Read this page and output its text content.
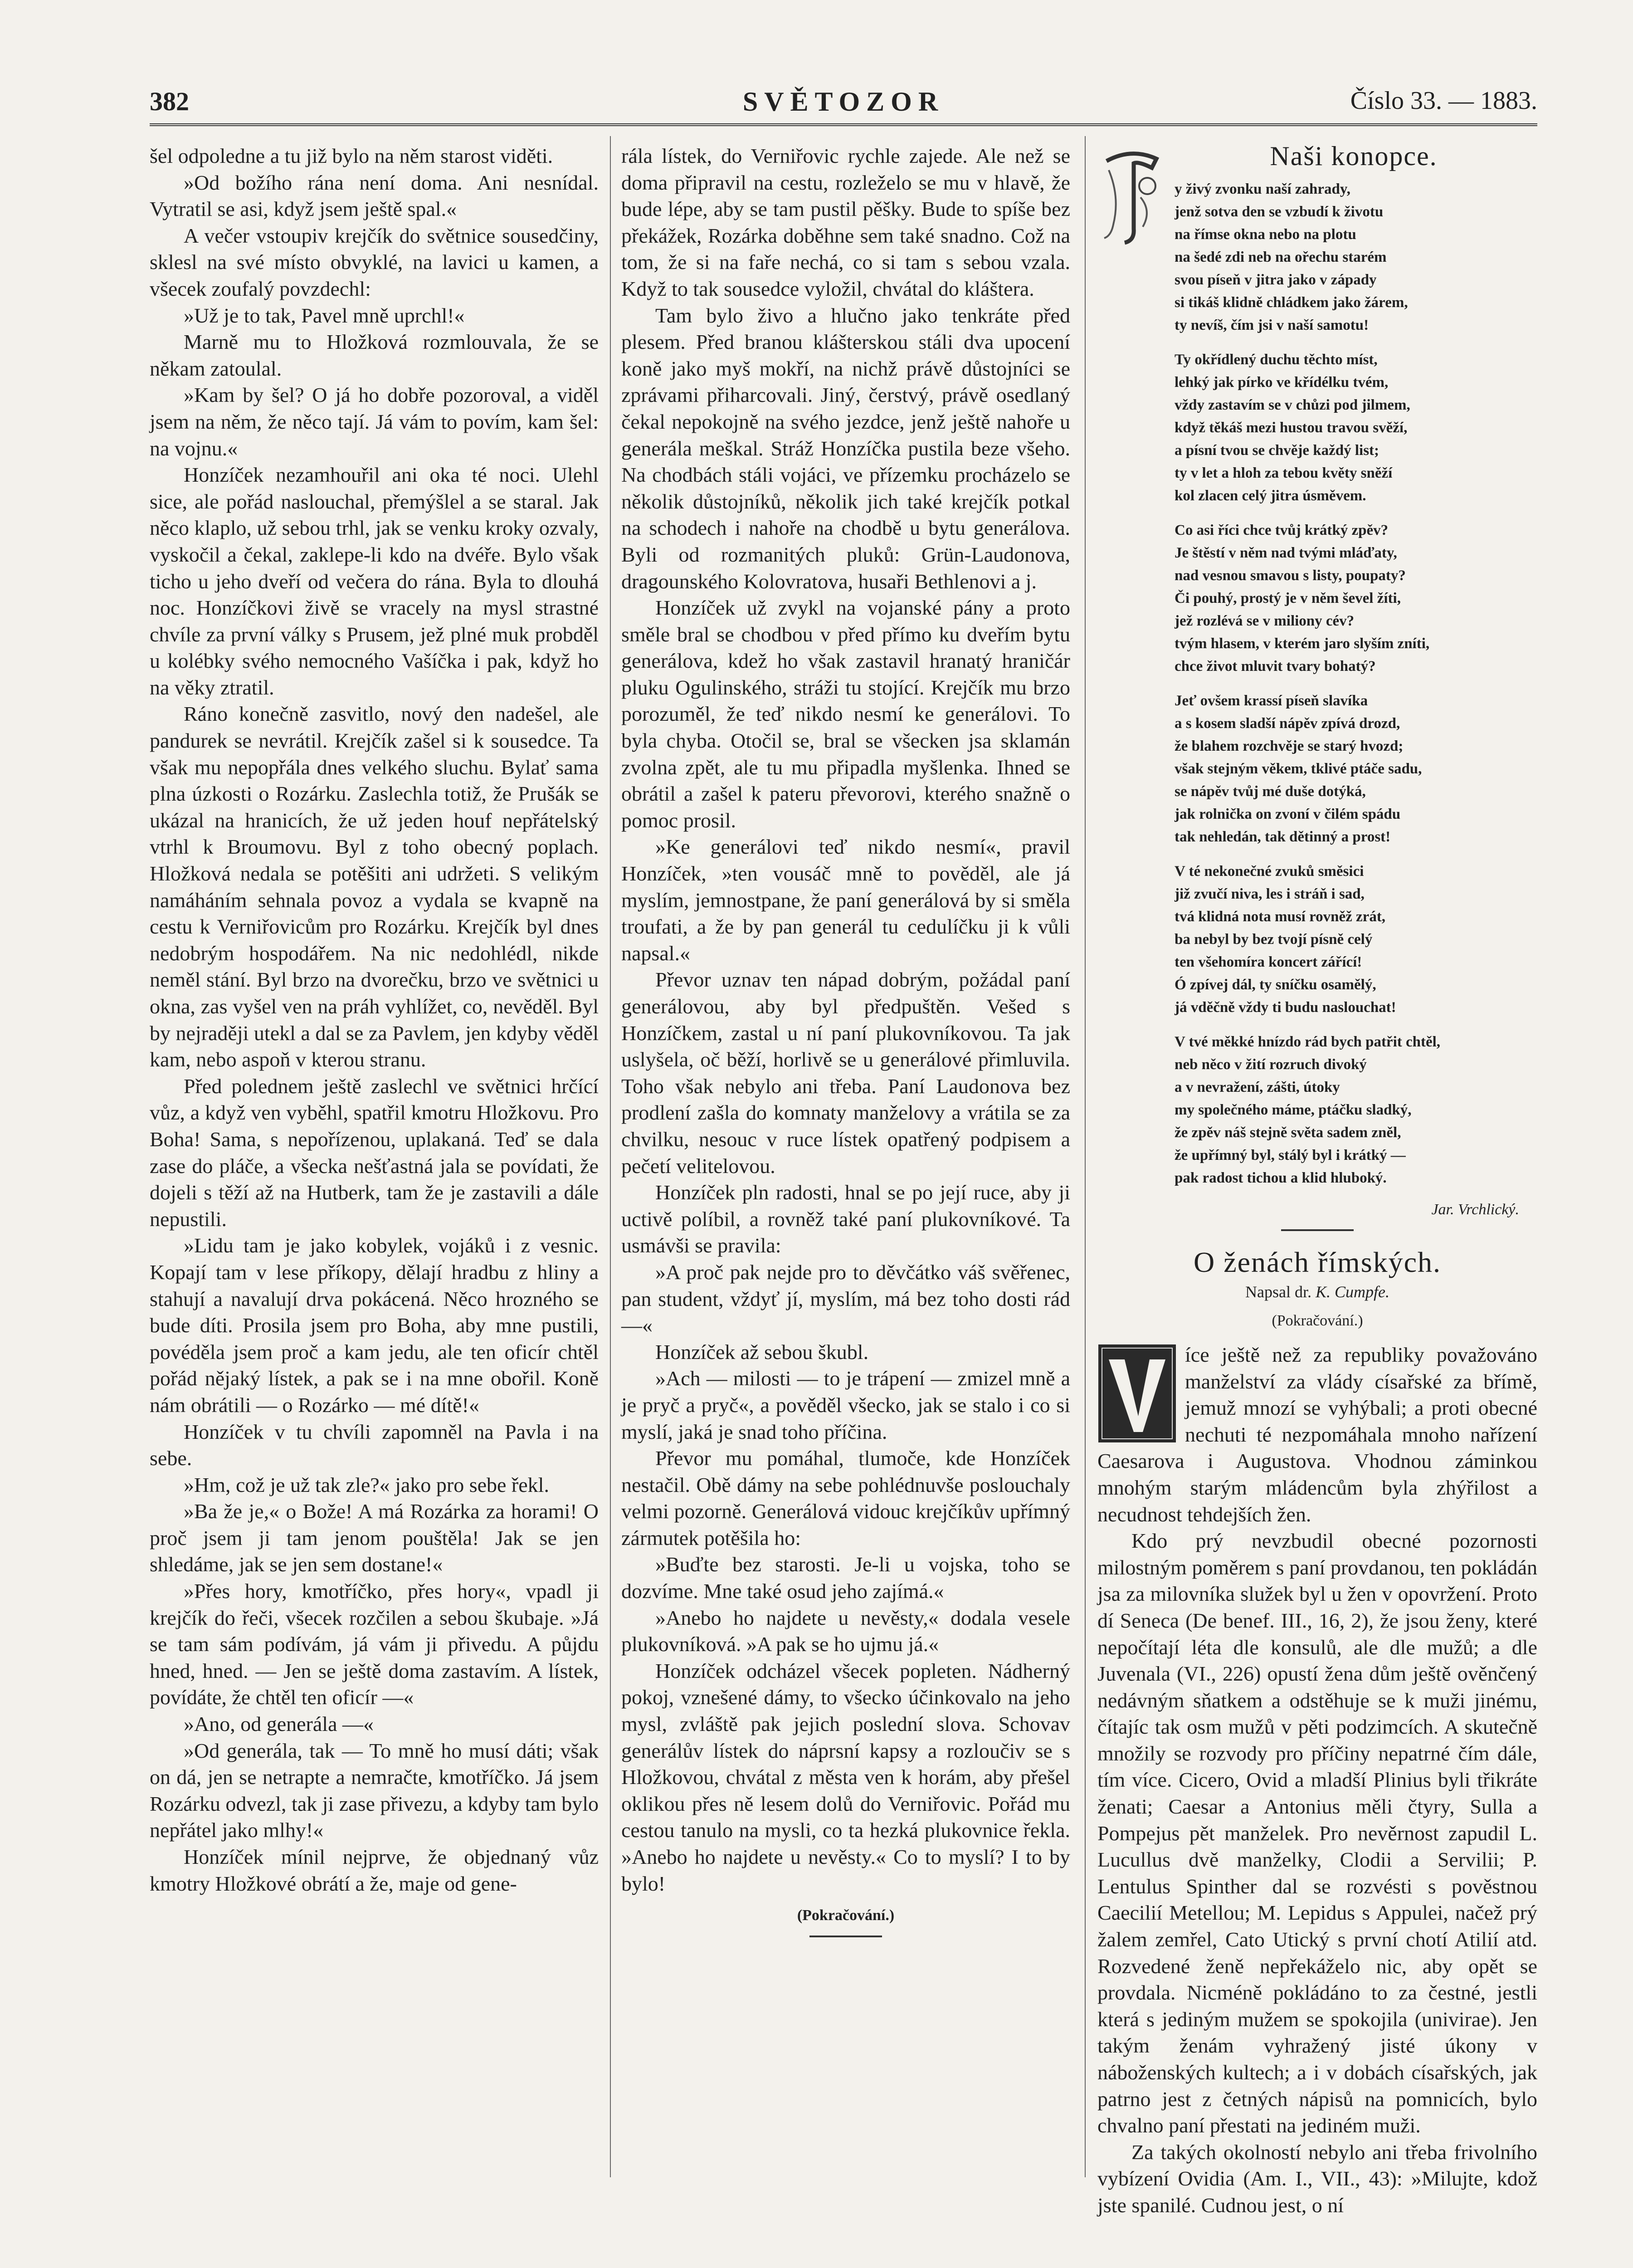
382	SVĚTOZOR	Číslo 33. — 1883.

šel odpoledne a tu již bylo na něm starost viděti.

»Od božího rána není doma. Ani nesnídal. Vytratil se asi, když jsem ještě spal.«

A večer vstoupiv krejčík do světnice sousedčiny, sklesl na své místo obvyklé, na lavici u kamen, a všecek zoufalý povzdechl:

»Už je to tak, Pavel mně uprchl!«

Marně mu to Hložková rozmlouvala, že se někam zatoulal.

»Kam by šel? O já ho dobře pozoroval, a viděl jsem na něm, že něco tají. Já vám to povím, kam šel: na vojnu.«

Honzíček nezamhouřil ani oka té noci. Ulehl sice, ale pořád naslouchal, přemýšlel a se staral. Jak něco klaplo, už sebou trhl, jak se venku kroky ozvaly, vyskočil a čekal, zaklepe-li kdo na dvéře. Bylo však ticho u jeho dveří od večera do rána. Byla to dlouhá noc. Honzíčkovi živě se vracely na mysl strastné chvíle za první války s Prusem, jež plné muk probděl u kolébky svého nemocného Vašíčka i pak, když ho na věky ztratil.

Ráno konečně zasvitlo, nový den nadešel, ale pandurek se nevrátil. Krejčík zašel si k sousedce. Ta však mu nepopřála dnes velkého sluchu. Bylať sama plna úzkosti o Rozárku. Zaslechla totiž, že Prušák se ukázal na hranicích, že už jeden houf nepřátelský vtrhl k Broumovu. Byl z toho obecný poplach. Hložková nedala se potěšiti ani udržeti. S velikým namáháním sehnala povoz a vydala se kvapně na cestu k Verniřovicům pro Rozárku. Krejčík byl dnes nedobrým hospodářem. Na nic nedohlédl, nikde neměl stání. Byl brzo na dvorečku, brzo ve světnici u okna, zas vyšel ven na práh vyhlížet, co, nevěděl. Byl by nejraději utekl a dal se za Pavlem, jen kdyby věděl kam, nebo aspoň v kterou stranu.

Před polednem ještě zaslechl ve světnici hrčící vůz, a když ven vyběhl, spatřil kmotru Hložkovu. Pro Boha! Sama, s nepořízenou, uplakaná. Teď se dala zase do pláče, a všecka nešťastná jala se povídati, že dojeli s těží až na Hutberk, tam že je zastavili a dále nepustili.

»Lidu tam je jako kobylek, vojáků i z vesnic. Kopají tam v lese příkopy, dělají hradbu z hliny a stahují a navalují drva pokácená. Něco hrozného se bude díti. Prosila jsem pro Boha, aby mne pustili, povéděla jsem proč a kam jedu, ale ten oficír chtěl pořád nějaký lístek, a pak se i na mne obořil. Koně nám obrátili — o Rozárko — mé dítě!«

Honzíček v tu chvíli zapomněl na Pavla i na sebe.

»Hm, což je už tak zle?« jako pro sebe řekl.

»Ba že je,« o Bože! A má Rozárka za horami! O proč jsem ji tam jenom pouštěla! Jak se jen shledáme, jak se jen sem dostane!«

»Přes hory, kmotříčko, přes hory«, vpadl ji krejčík do řeči, všecek rozčilen a sebou škubaje. »Já se tam sám podívám, já vám ji přivedu. A půjdu hned, hned. — Jen se ještě doma zastavím. A lístek, povídáte, že chtěl ten oficír —«

»Ano, od generála —«

»Od generála, tak — To mně ho musí dáti; však on dá, jen se netrapte a nemračte, kmotříčko. Já jsem Rozárku odvezl, tak ji zase přivezu, a kdyby tam bylo nepřátel jako mlhy!«

Honzíček mínil nejprve, že objednaný vůz kmotry Hložkové obrátí a že, maje od gene-

rála lístek, do Verniřovic rychle zajede. Ale než se doma připravil na cestu, rozleželo se mu v hlavě, že bude lépe, aby se tam pustil pěšky. Bude to spíše bez překážek, Rozárka doběhne sem také snadno. Což na tom, že si na faře nechá, co si tam s sebou vzala. Když to tak sousedce vyložil, chvátal do kláštera.

Tam bylo živo a hlučno jako tenkráte před plesem. Před branou klášterskou stáli dva upocení koně jako myš mokří, na nichž právě důstojníci se zprávami přiharcovali. Jiný, čerstvý, právě osedlaný čekal nepokojně na svého jezdce, jenž ještě nahoře u generála meškal. Stráž Honzíčka pustila beze všeho. Na chodbách stáli vojáci, ve přízemku procházelo se několik důstojníků, několik jich také krejčík potkal na schodech i nahoře na chodbě u bytu generálova. Byli od rozmanitých pluků: Grün-Laudonova, dragounského Kolovratova, husaři Bethlenovi a j.

Honzíček už zvykl na vojanské pány a proto směle bral se chodbou v před přímo ku dveřím bytu generálova, kdež ho však zastavil hranatý hraničár pluku Ogulinského, stráži tu stojící. Krejčík mu brzo porozuměl, že teď nikdo nesmí ke generálovi. To byla chyba. Otočil se, bral se všecken jsa sklamán zvolna zpět, ale tu mu připadla myšlenka. Ihned se obrátil a zašel k pateru převorovi, kterého snažně o pomoc prosil.

»Ke generálovi teď nikdo nesmí«, pravil Honzíček, »ten vousáč mně to pověděl, ale já myslím, jemnostpane, že paní generálová by si směla troufati, a že by pan generál tu cedulíčku ji k vůli napsal.«

Převor uznav ten nápad dobrým, požádal paní generálovou, aby byl předpuštěn. Vešed s Honzíčkem, zastal u ní paní plukovníkovou. Ta jak uslyšela, oč běží, horlivě se u generálové přimluvila. Toho však nebylo ani třeba. Paní Laudonova bez prodlení zašla do komnaty manželovy a vrátila se za chvilku, nesouc v ruce lístek opatřený podpisem a pečetí velitelovou.

Honzíček pln radosti, hnal se po její ruce, aby ji uctivě políbil, a rovněž také paní plukovníkové. Ta usmávši se pravila:

»A proč pak nejde pro to děvčátko váš svěřenec, pan student, vždyť jí, myslím, má bez toho dosti rád —«

Honzíček až sebou škubl.

»Ach — milosti — to je trápení — zmizel mně a je pryč a pryč«, a pověděl všecko, jak se stalo i co si myslí, jaká je snad toho příčina.

Převor mu pomáhal, tlumoče, kde Honzíček nestačil. Obě dámy na sebe pohlédnuvše poslouchaly velmi pozorně. Generálová vidouc krejčíkův upřímný zármutek potěšila ho:

»Buďte bez starosti. Je-li u vojska, toho se dozvíme. Mne také osud jeho zajímá.«

»Anebo ho najdete u nevěsty,« dodala vesele plukovníková. »A pak se ho ujmu já.«

Honzíček odcházel všecek popleten. Nádherný pokoj, vznešené dámy, to všecko účinkovalo na jeho mysl, zvláště pak jejich poslední slova. Schovav generálův lístek do náprsní kapsy a rozloučiv se s Hložkovou, chvátal z města ven k horám, aby přešel oklikou přes ně lesem dolů do Verniřovic. Pořád mu cestou tanulo na mysli, co ta hezká plukovnice řekla. »Anebo ho najdete u nevěsty.« Co to myslí? I to by bylo!

(Pokračování.)
Naši konopce.
y živý zvonku naší zahrady,
jenž sotva den se vzbudí k životu
na římse okna nebo na plotu
na šedé zdi neb na ořechu starém
svou píseň v jitra jako v západy
si tikáš klidně chládkem jako žárem,
ty nevíš, čím jsi v naší samotu!
Ty okřídlený duchu těchto míst,
lehký jak pírko ve křídélku tvém,
vždy zastavím se v chůzi pod jilmem,
když těkáš mezi hustou travou svěží,
a písní tvou se chvěje každý list;
ty v let a hloh za tebou květy sněží
kol zlacen celý jitra úsměvem.
Co asi říci chce tvůj krátký zpěv?
Je štěstí v něm nad tvými mláďaty,
nad vesnou smavou s listy, poupaty?
Či pouhý, prostý je v něm ševel žíti,
jež rozlévá se v miliony cév?
tvým hlasem, v kterém jaro slyším zníti,
chce život mluvit tvary bohatý?
Jeť ovšem krassí píseň slavíka
a s kosem sladší nápěv zpívá drozd,
že blahem rozchvěje se starý hvozd;
však stejným věkem, tklivé ptáče sadu,
se nápěv tvůj mé duše dotýká,
jak rolnička on zvoní v čilém spádu
tak nehledán, tak dětinný a prost!
V té nekonečné zvuků směsici
již zvučí niva, les i stráň i sad,
tvá klidná nota musí rovněž zrát,
ba nebyl by bez tvojí písně celý
ten všehomíra koncert zářící!
Ó zpívej dál, ty sníčku osamělý,
já vděčně vždy ti budu naslouchat!
V tvé měkké hnízdo rád bych patřit chtěl,
neb něco v žití rozruch divoký
a v nevražení, zášti, útoky
my společného máme, ptáčku sladký,
že zpěv náš stejně světa sadem zněl,
že upřímný byl, stálý byl i krátký —
pak radost tichou a klid hluboký.
Jar. Vrchlický.
O ženách římských.
Napsal dr. K. Cumpfe.
(Pokračování.)

íce ještě než za republiky považováno manželství za vlády císařské za břímě, jemuž mnozí se vyhýbali; a proti obecné nechuti té nezpomáhala mnoho nařízení Caesarova i Augustova. Vhodnou záminkou mnohým starým mládencům byla zhýřilost a necudnost tehdejších žen.

Kdo prý nevzbudil obecné pozornosti milostným poměrem s paní provdanou, ten pokládán jsa za milovníka služek byl u žen v opovržení. Proto dí Seneca (De benef. III., 16, 2), že jsou ženy, které nepočítají léta dle konsulů, ale dle mužů; a dle Juvenala (VI., 226) opustí žena dům ještě ověnčený nedávným sňatkem a odstěhuje se k muži jinému, čítajíc tak osm mužů v pěti podzimcích. A skutečně množily se rozvody pro příčiny nepatrné čím dále, tím více. Cicero, Ovid a mladší Plinius byli třikráte ženati; Caesar a Antonius měli čtyry, Sulla a Pompejus pět manželek. Pro nevěrnost zapudil L. Lucullus dvě manželky, Clodii a Servilii; P. Lentulus Spinther dal se rozvésti s pověstnou Caecilií Metellou; M. Lepidus s Appulei, načež prý žalem zemřel, Cato Utický s první chotí Atilií atd. Rozvedené ženě nepřekáželo nic, aby opět se provdala. Nicméně pokládáno to za čestné, jestli která s jediným mužem se spokojila (univirae). Jen takým ženám vyhražený jisté úkony v náboženských kultech; a i v dobách císařských, jak patrno jest z četných nápisů na pomnicích, bylo chvalno paní přestati na jediném muži.

Za takých okolností nebylo ani třeba frivolního vybízení Ovidia (Am. I., VII., 43): »Milujte, kdož jste spanilé. Cudnou jest, o ní
